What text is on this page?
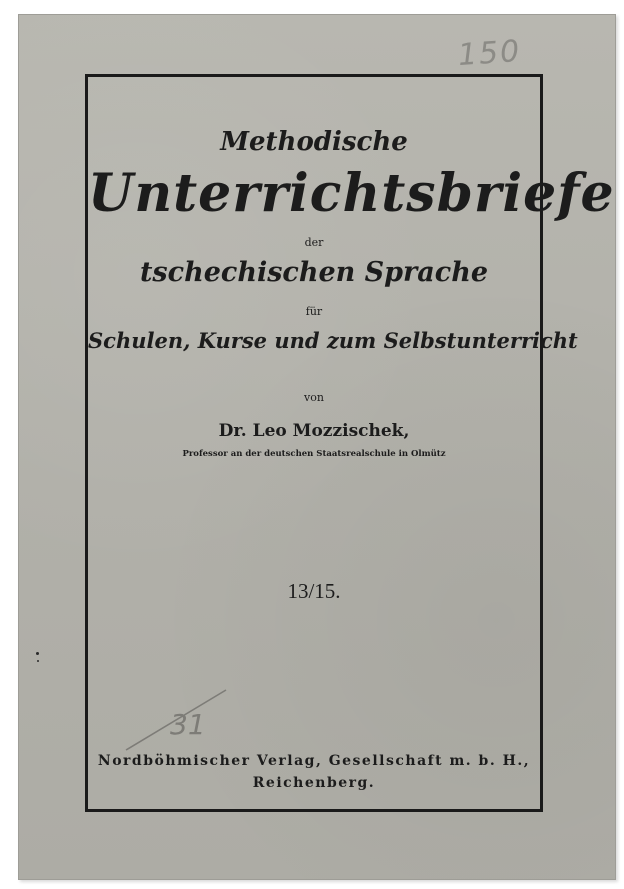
150
Methodische
Unterrichtsbriefe
der
tschechischen Sprache
für
Schulen, Kurse und zum Selbstunterricht
von
Dr. Leo Mozzischek,
Professor an der deutschen Staatsrealschule in Olmütz
13/15.
Nordböhmischer Verlag, Gesellschaft m. b. H.,
Reichenberg.
31
